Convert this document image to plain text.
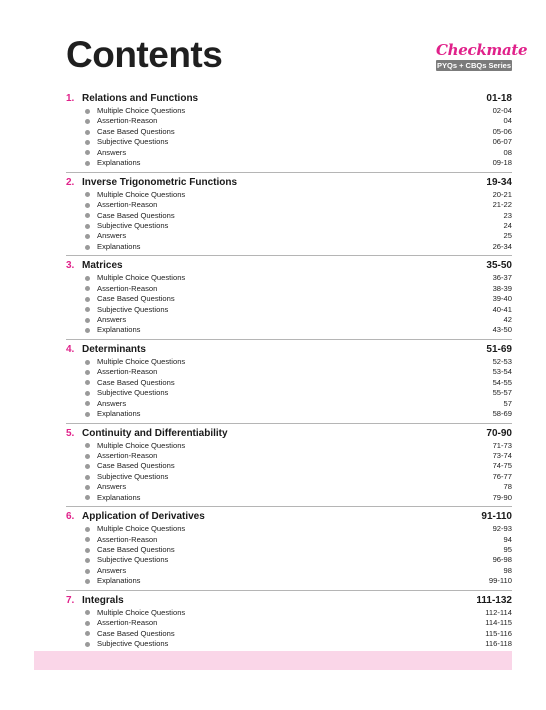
Contents	Checkmate
PYQs + CBQs Series
1. Relations and Functions	01-18
Multiple Choice Questions	02-04
Assertion-Reason	04
Case Based Questions	05-06
Subjective Questions	06-07
Answers	08
Explanations	09-18
2. Inverse Trigonometric Functions	19-34
Multiple Choice Questions	20-21
Assertion-Reason	21-22
Case Based Questions	23
Subjective Questions	24
Answers	25
Explanations	26-34
3. Matrices	35-50
Multiple Choice Questions	36-37
Assertion-Reason	38-39
Case Based Questions	39-40
Subjective Questions	40-41
Answers	42
Explanations	43-50
4. Determinants	51-69
Multiple Choice Questions	52-53
Assertion-Reason	53-54
Case Based Questions	54-55
Subjective Questions	55-57
Answers	57
Explanations	58-69
5. Continuity and Differentiability	70-90
Multiple Choice Questions	71-73
Assertion-Reason	73-74
Case Based Questions	74-75
Subjective Questions	76-77
Answers	78
Explanations	79-90
6. Application of Derivatives	91-110
Multiple Choice Questions	92-93
Assertion-Reason	94
Case Based Questions	95
Subjective Questions	96-98
Answers	98
Explanations	99-110
7. Integrals	111-132
Multiple Choice Questions	112-114
Assertion-Reason	114-115
Case Based Questions	115-116
Subjective Questions	116-118
